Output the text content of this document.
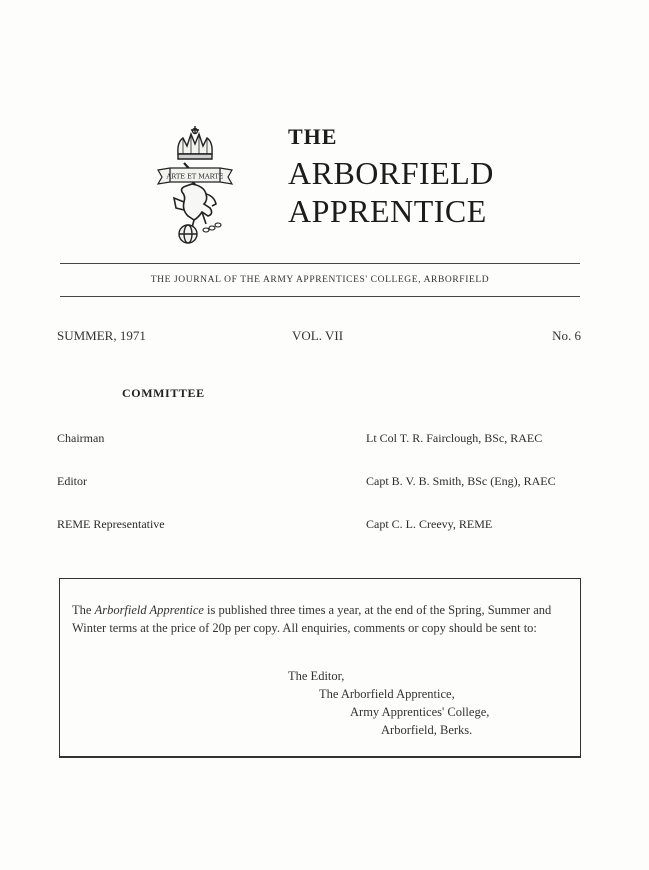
ARTE ET MARTE
THE
ARBORFIELD
APPRENTICE
THE JOURNAL OF THE ARMY APPRENTICES' COLLEGE, ARBORFIELD
SUMMER, 1971	VOL. VII	No. 6
COMMITTEE
Chairman	Lt Col T. R. Fairclough, BSc, RAEC
Editor	Capt B. V. B. Smith, BSc (Eng), RAEC
REME Representative	Capt C. L. Creevy, REME
The Arborfield Apprentice is published three times a year, at the end of the Spring, Summer and Winter terms at the price of 20p per copy. All enquiries, comments or copy should be sent to:
The Editor,
The Arborfield Apprentice,
Army Apprentices' College,
Arborfield, Berks.
